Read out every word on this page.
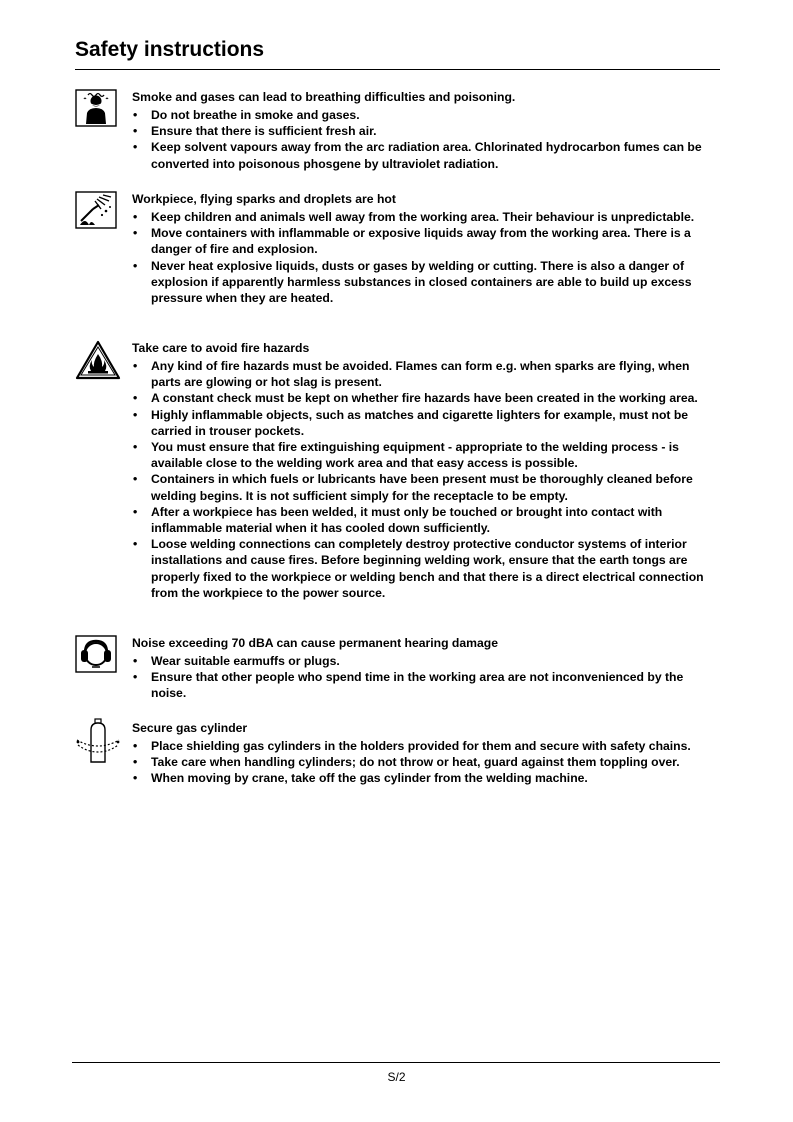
Safety instructions

Smoke and gases can lead to breathing difficulties and poisoning.

• Do not breathe in smoke and gases.
• Ensure that there is sufficient fresh air.
• Keep solvent vapours away from the arc radiation area. Chlorinated hydrocarbon fumes can be converted into poisonous phosgene by ultraviolet radiation.

Workpiece, flying sparks and droplets are hot

• Keep children and animals well away from the working area. Their behaviour is unpredictable.
• Move containers with inflammable or exposive liquids away from the working area. There is a danger of fire and explosion.
• Never heat explosive liquids, dusts or gases by welding or cutting. There is also a danger of explosion if apparently harmless substances in closed containers are able to build up excess pressure when they are heated.

Take care to avoid fire hazards

• Any kind of fire hazards must be avoided. Flames can form e.g. when sparks are flying, when parts are glowing or hot slag is present.
• A constant check must be kept on whether fire hazards have been created in the working area.
• Highly inflammable objects, such as matches and cigarette lighters for example, must not be carried in trouser pockets.
• You must ensure that fire extinguishing equipment - appropriate to the welding process - is available close to the welding work area and that easy access is possible.
• Containers in which fuels or lubricants have been present must be thoroughly cleaned before welding begins. It is not sufficient simply for the receptacle to be empty.
• After a workpiece has been welded, it must only be touched or brought into contact with inflammable material when it has cooled down sufficiently.
• Loose welding connections can completely destroy protective conductor systems of interior installations and cause fires. Before beginning welding work, ensure that the earth tongs are properly fixed to the workpiece or welding bench and that there is a direct electrical connection from the workpiece to the power source.

Noise exceeding 70 dBA can cause permanent hearing damage

• Wear suitable earmuffs or plugs.
• Ensure that other people who spend time in the working area are not inconvenienced by the noise.

Secure gas cylinder

• Place shielding gas cylinders in the holders provided for them and secure with safety chains.
• Take care when handling cylinders; do not throw or heat, guard against them toppling over.
• When moving by crane, take off the gas cylinder from the welding machine.
S/2
